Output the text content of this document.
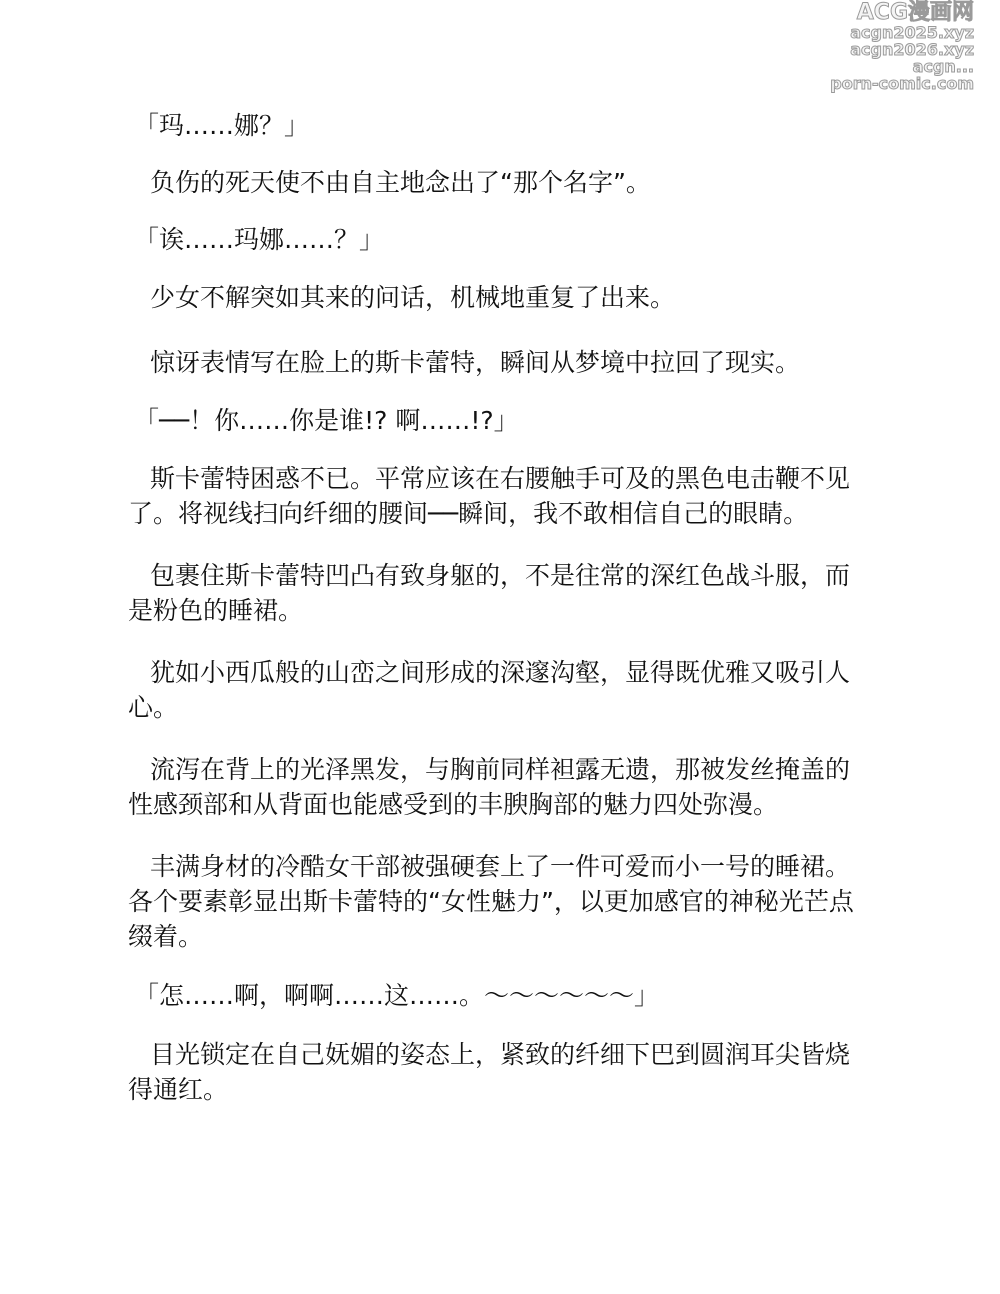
ACG漫画网
acgn2025.xyz
acgn2026.xyz
acgn...
porn-comic.com

「玛……娜？」

负伤的死天使不由自主地念出了“那个名字”。

「诶……玛娜……？」

少女不解突如其来的问话，机械地重复了出来。

惊讶表情写在脸上的斯卡蕾特，瞬间从梦境中拉回了现实。

「──！你……你是谁!? 啊……!?」

斯卡蕾特困惑不已。平常应该在右腰触手可及的黑色电击鞭不见了。将视线扫向纤细的腰间──瞬间，我不敢相信自己的眼睛。

包裹住斯卡蕾特凹凸有致身躯的，不是往常的深红色战斗服，而是粉色的睡裙。

犹如小西瓜般的山峦之间形成的深邃沟壑，显得既优雅又吸引人心。

流泻在背上的光泽黑发，与胸前同样袒露无遗，那被发丝掩盖的性感颈部和从背面也能感受到的丰腴胸部的魅力四处弥漫。

丰满身材的冷酷女干部被强硬套上了一件可爱而小一号的睡裙。各个要素彰显出斯卡蕾特的“女性魅力”，以更加感官的神秘光芒点缀着。

「怎……啊，啊啊……这……。～～～～～～」

目光锁定在自己妩媚的姿态上，紧致的纤细下巴到圆润耳尖皆烧得通红。
